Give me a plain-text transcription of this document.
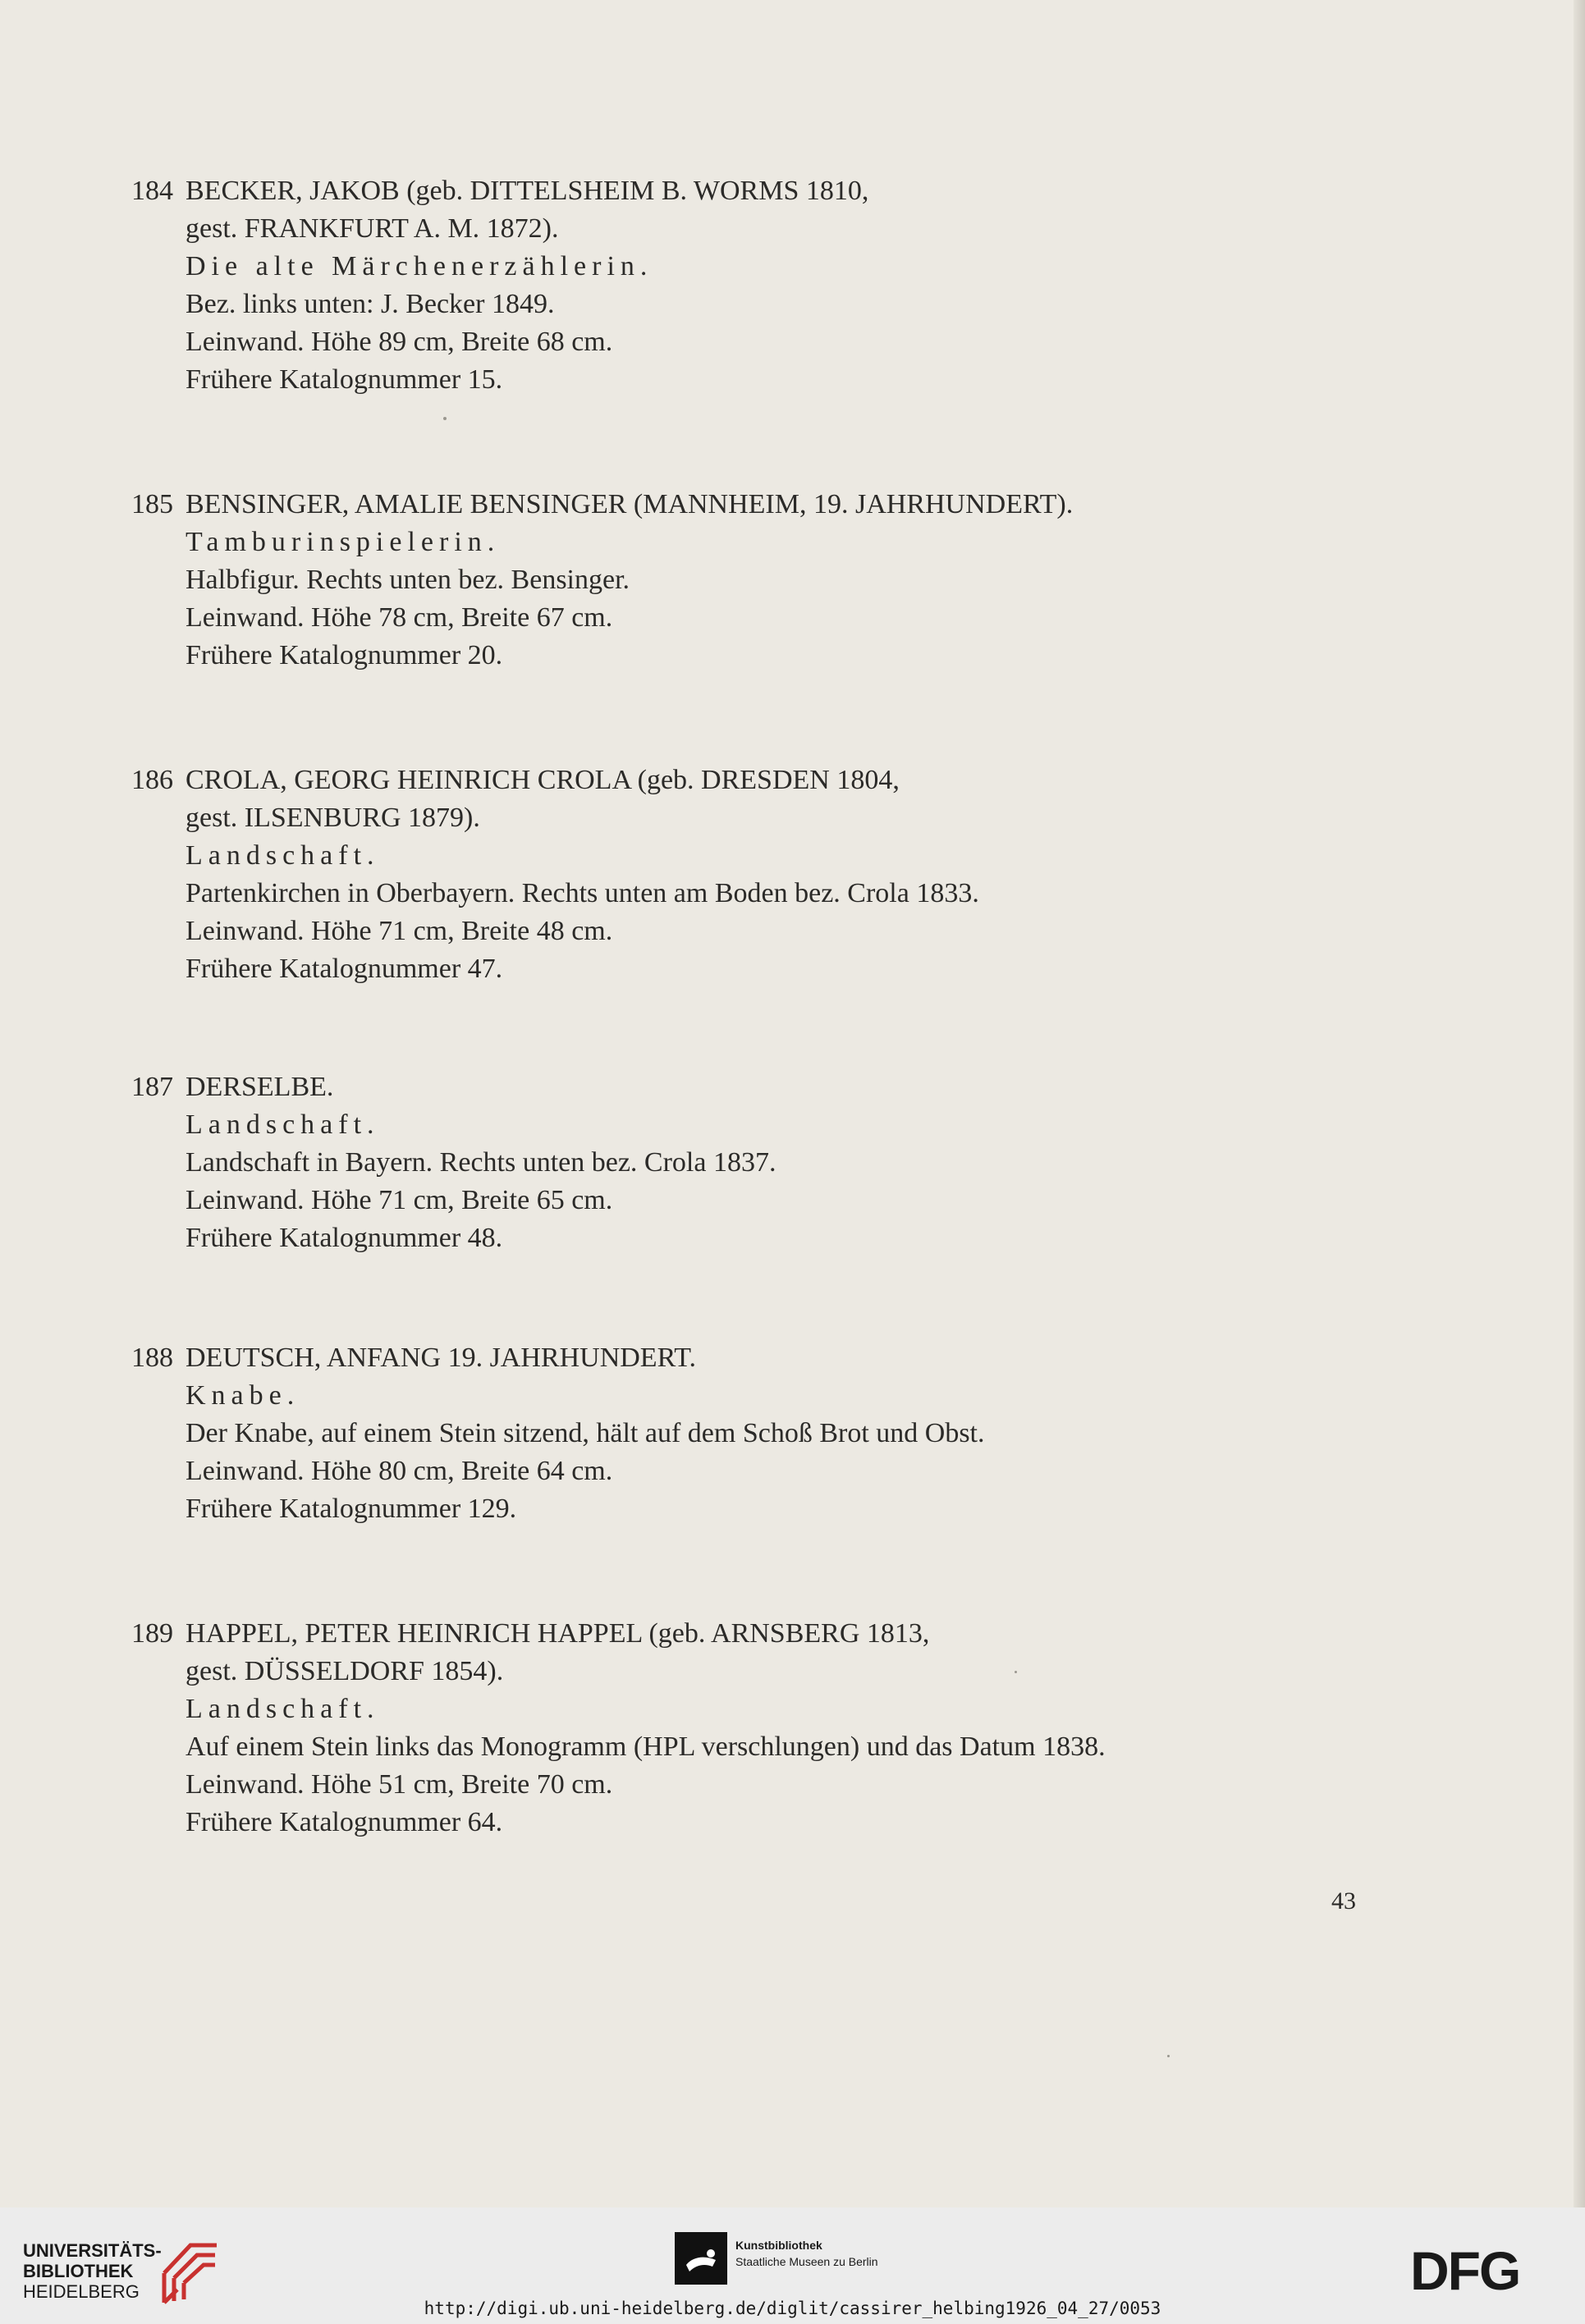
184 BECKER, JAKOB (geb. DITTELSHEIM B. WORMS 1810,
gest. FRANKFURT A. M. 1872).
Die alte Märchenerzählerin.
Bez. links unten: J. Becker 1849.
Leinwand. Höhe 89 cm, Breite 68 cm.
Frühere Katalognummer 15.
185 BENSINGER, AMALIE BENSINGER (MANNHEIM, 19. JAHRHUNDERT).
Tamburinspielerin.
Halbfigur. Rechts unten bez. Bensinger.
Leinwand. Höhe 78 cm, Breite 67 cm.
Frühere Katalognummer 20.
186 CROLA, GEORG HEINRICH CROLA (geb. DRESDEN 1804,
gest. ILSENBURG 1879).
Landschaft.
Partenkirchen in Oberbayern. Rechts unten am Boden bez. Crola 1833.
Leinwand. Höhe 71 cm, Breite 48 cm.
Frühere Katalognummer 47.
187 DERSELBE.
Landschaft.
Landschaft in Bayern. Rechts unten bez. Crola 1837.
Leinwand. Höhe 71 cm, Breite 65 cm.
Frühere Katalognummer 48.
188 DEUTSCH, ANFANG 19. JAHRHUNDERT.
Knabe.
Der Knabe, auf einem Stein sitzend, hält auf dem Schoß Brot und Obst.
Leinwand. Höhe 80 cm, Breite 64 cm.
Frühere Katalognummer 129.
189 HAPPEL, PETER HEINRICH HAPPEL (geb. ARNSBERG 1813,
gest. DÜSSELDORF 1854).
Landschaft.
Auf einem Stein links das Monogramm (HPL verschlungen) und das Datum 1838.
Leinwand. Höhe 51 cm, Breite 70 cm.
Frühere Katalognummer 64.
43
UNIVERSITÄTS-
BIBLIOTHEK
HEIDELBERG
Kunstbibliothek
Staatliche Museen zu Berlin	DFG
http://digi.ub.uni-heidelberg.de/diglit/cassirer_helbing1926_04_27/0053
